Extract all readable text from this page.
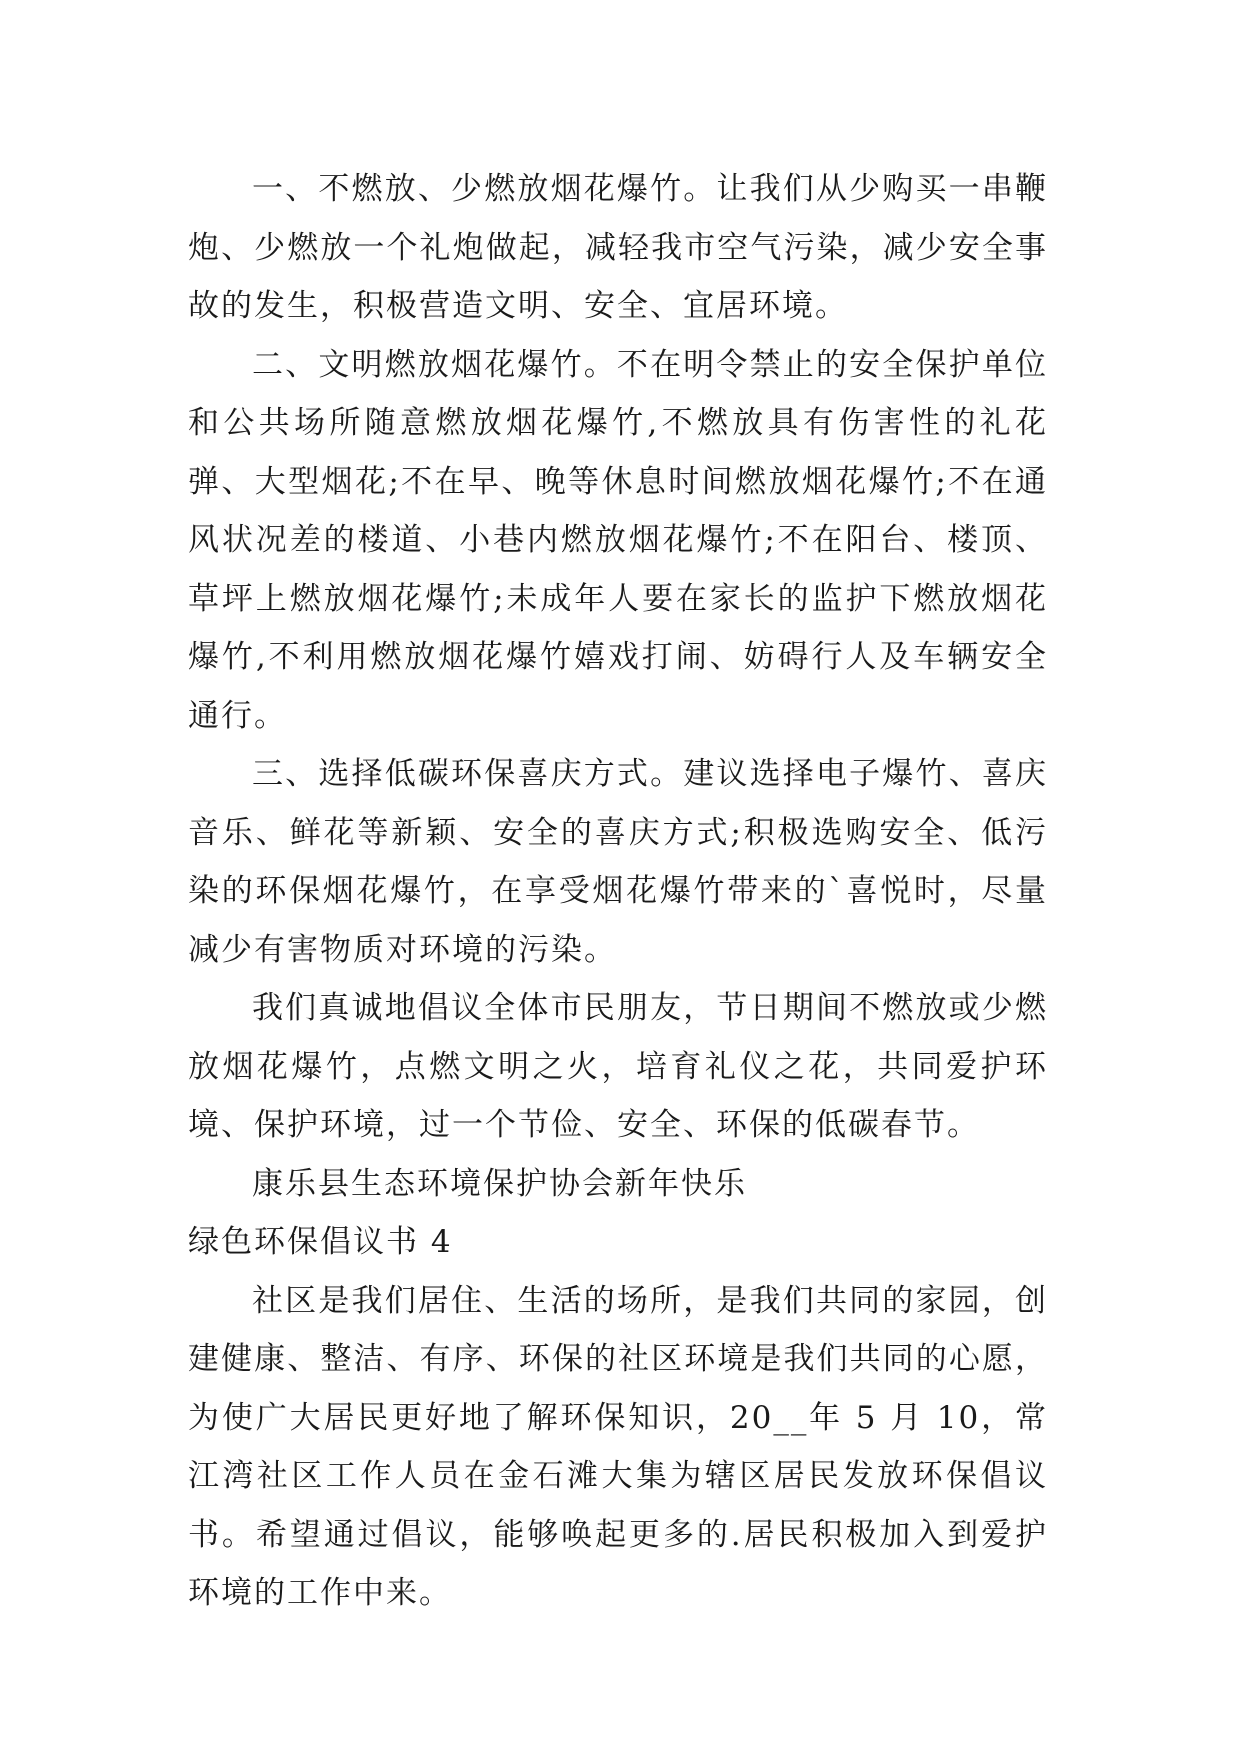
一、不燃放、少燃放烟花爆竹。让我们从少购买一串鞭炮、少燃放一个礼炮做起，减轻我市空气污染，减少安全事故的发生，积极营造文明、安全、宜居环境。

二、文明燃放烟花爆竹。不在明令禁止的安全保护单位和公共场所随意燃放烟花爆竹,不燃放具有伤害性的礼花弹、大型烟花;不在早、晚等休息时间燃放烟花爆竹;不在通风状况差的楼道、小巷内燃放烟花爆竹;不在阳台、楼顶、草坪上燃放烟花爆竹;未成年人要在家长的监护下燃放烟花爆竹,不利用燃放烟花爆竹嬉戏打闹、妨碍行人及车辆安全通行。

三、选择低碳环保喜庆方式。建议选择电子爆竹、喜庆音乐、鲜花等新颖、安全的喜庆方式;积极选购安全、低污染的环保烟花爆竹，在享受烟花爆竹带来的`喜悦时，尽量减少有害物质对环境的污染。

我们真诚地倡议全体市民朋友，节日期间不燃放或少燃放烟花爆竹，点燃文明之火，培育礼仪之花，共同爱护环境、保护环境，过一个节俭、安全、环保的低碳春节。

康乐县生态环境保护协会新年快乐

绿色环保倡议书 4

社区是我们居住、生活的场所，是我们共同的家园，创建健康、整洁、有序、环保的社区环境是我们共同的心愿，为使广大居民更好地了解环保知识，20__年 5 月 10，常江湾社区工作人员在金石滩大集为辖区居民发放环保倡议书。希望通过倡议，能够唤起更多的.居民积极加入到爱护环境的工作中来。
